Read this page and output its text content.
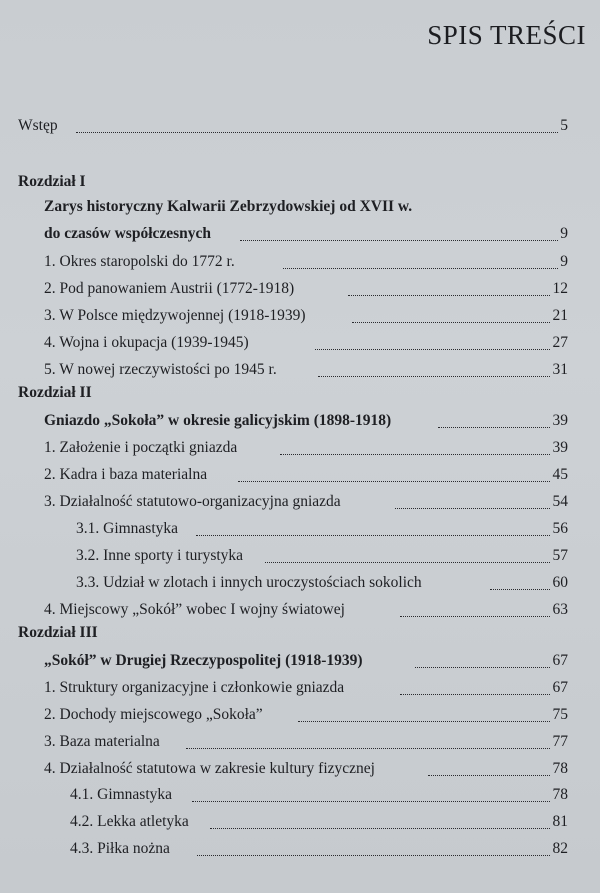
SPIS TREŚCI
Wstęp	5
Rozdział I
Zarys historyczny Kalwarii Zebrzydowskiej od XVII w.
do czasów współczesnych	9
1. Okres staropolski do 1772 r.	9
2. Pod panowaniem Austrii (1772-1918)	12
3. W Polsce międzywojennej (1918-1939)	21
4. Wojna i okupacja (1939-1945)	27
5. W nowej rzeczywistości po 1945 r.	31
Rozdział II
Gniazdo „Sokoła” w okresie galicyjskim (1898-1918)	39
1. Założenie i początki gniazda	39
2. Kadra i baza materialna	45
3. Działalność statutowo-organizacyjna gniazda	54
3.1. Gimnastyka	56
3.2. Inne sporty i turystyka	57
3.3. Udział w zlotach i innych uroczystościach sokolich	60
4. Miejscowy „Sokół” wobec I wojny światowej	63
Rozdział III
„Sokół” w Drugiej Rzeczypospolitej (1918-1939)	67
1. Struktury organizacyjne i członkowie gniazda	67
2. Dochody miejscowego „Sokoła”	75
3. Baza materialna	77
4. Działalność statutowa w zakresie kultury fizycznej	78
4.1. Gimnastyka	78
4.2. Lekka atletyka	81
4.3. Piłka nożna	82
